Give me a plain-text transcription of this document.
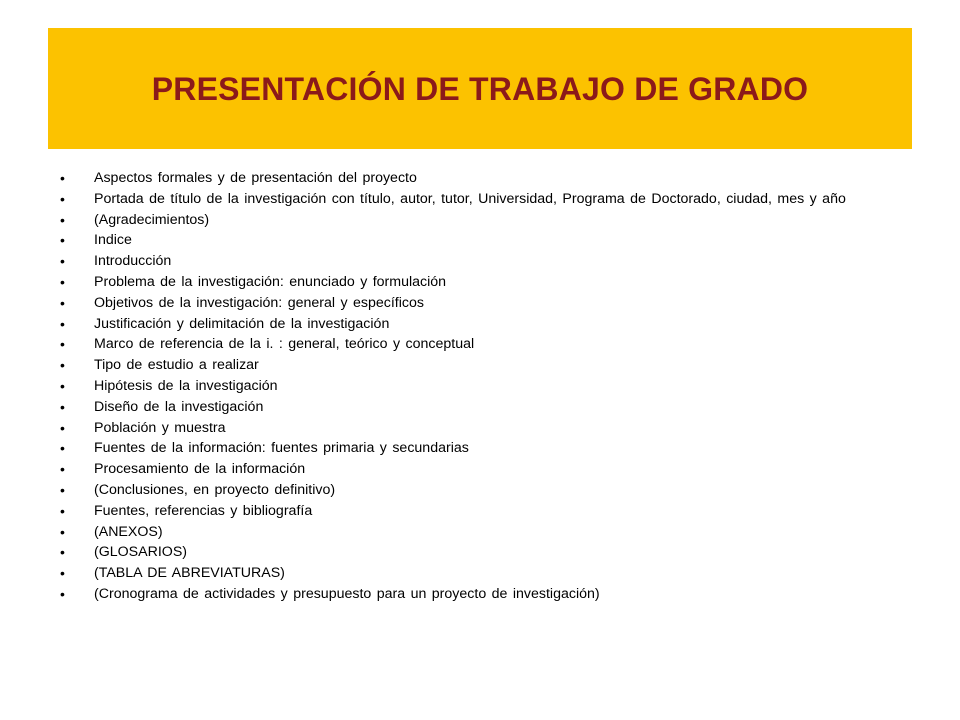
PRESENTACIÓN DE TRABAJO DE GRADO
•	Aspectos formales y de presentación del proyecto
•	Portada de título de la investigación con título, autor, tutor, Universidad, Programa de Doctorado, ciudad, mes y año
•	(Agradecimientos)
•	Indice
•	Introducción
•	Problema de la investigación: enunciado y formulación
•	Objetivos de la investigación: general y específicos
•	Justificación y delimitación de la investigación
•	Marco de referencia de la i. : general, teórico y conceptual
•	Tipo de estudio a realizar
•	Hipótesis de la investigación
•	Diseño de la investigación
•	Población y muestra
•	Fuentes de la información: fuentes primaria y secundarias
•	Procesamiento de la información
•	(Conclusiones, en proyecto definitivo)
•	Fuentes, referencias y bibliografía
•	(ANEXOS)
•	(GLOSARIOS)
•	(TABLA DE ABREVIATURAS)
•	(Cronograma de actividades y presupuesto para un proyecto de investigación)
